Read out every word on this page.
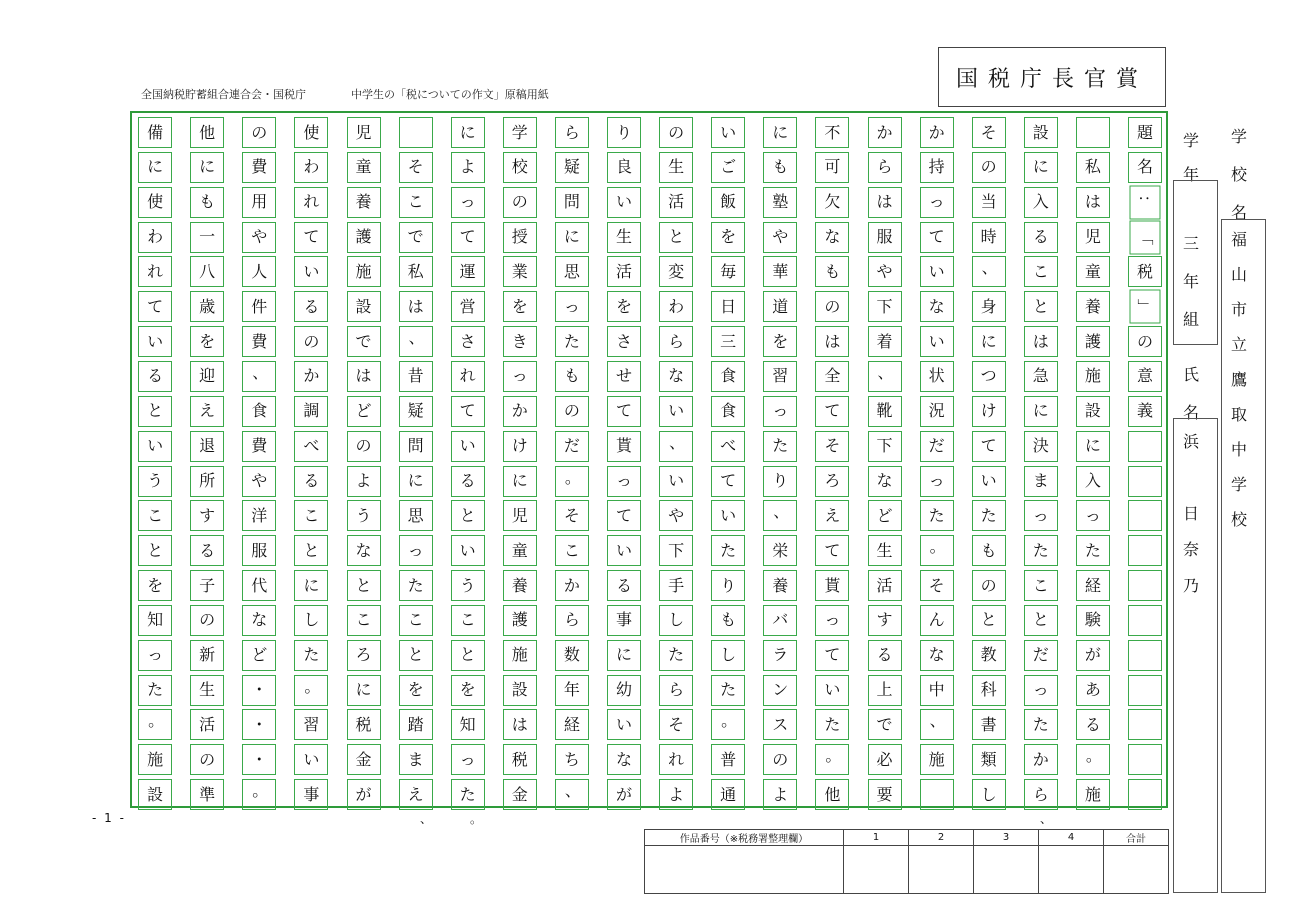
全国納税貯蓄組合連合会・国税庁	中学生の「税についての作文」原稿用紙
国税庁長官賞
題
名
：
「
税
」
の
意
義
私
は
児
童
養
護
施
設
に
入
っ
た
経
験
が
あ
る
。
施
設
に
入
る
こ
と
は
急
に
決
ま
っ
た
こ
と
だ
っ
た
か
ら
そ
の
当
時
、
身
に
つ
け
て
い
た
も
の
と
教
科
書
類
し
か
持
っ
て
い
な
い
状
況
だ
っ
た
。
そ
ん
な
中
、
施
か
ら
は
服
や
下
着
、
靴
下
な
ど
生
活
す
る
上
で
必
要
不
可
欠
な
も
の
は
全
て
そ
ろ
え
て
貰
っ
て
い
た
。
他
に
も
塾
や
華
道
を
習
っ
た
り
、
栄
養
バ
ラ
ン
ス
の
よ
い
ご
飯
を
毎
日
三
食
食
べ
て
い
た
り
も
し
た
。
普
通
の
生
活
と
変
わ
ら
な
い
、
い
や
下
手
し
た
ら
そ
れ
よ
り
良
い
生
活
を
さ
せ
て
貰
っ
て
い
る
事
に
幼
い
な
が
ら
疑
問
に
思
っ
た
も
の
だ
。
そ
こ
か
ら
数
年
経
ち
、
学
校
の
授
業
を
き
っ
か
け
に
児
童
養
護
施
設
は
税
金
に
よ
っ
て
運
営
さ
れ
て
い
る
と
い
う
こ
と
を
知
っ
た
そ
こ
で
私
は
、
昔
疑
問
に
思
っ
た
こ
と
を
踏
ま
え
児
童
養
護
施
設
で
は
ど
の
よ
う
な
と
こ
ろ
に
税
金
が
使
わ
れ
て
い
る
の
か
調
べ
る
こ
と
に
し
た
。
習
い
事
の
費
用
や
人
件
費
、
食
費
や
洋
服
代
な
ど
・
・
・
。
他
に
も
一
八
歳
を
迎
え
退
所
す
る
子
の
新
生
活
の
準
備
に
使
わ
れ
て
い
る
と
い
う
こ
と
を
知
っ
た
。
施
設
学
年
三
年
組
氏
名
浜

日
奈
乃
学
校
名
福
山
市
立
鷹
取
中
学
校
、	。	、
- 1 -
作品番号（※税務署整理欄）	1	2	3	4	合計
